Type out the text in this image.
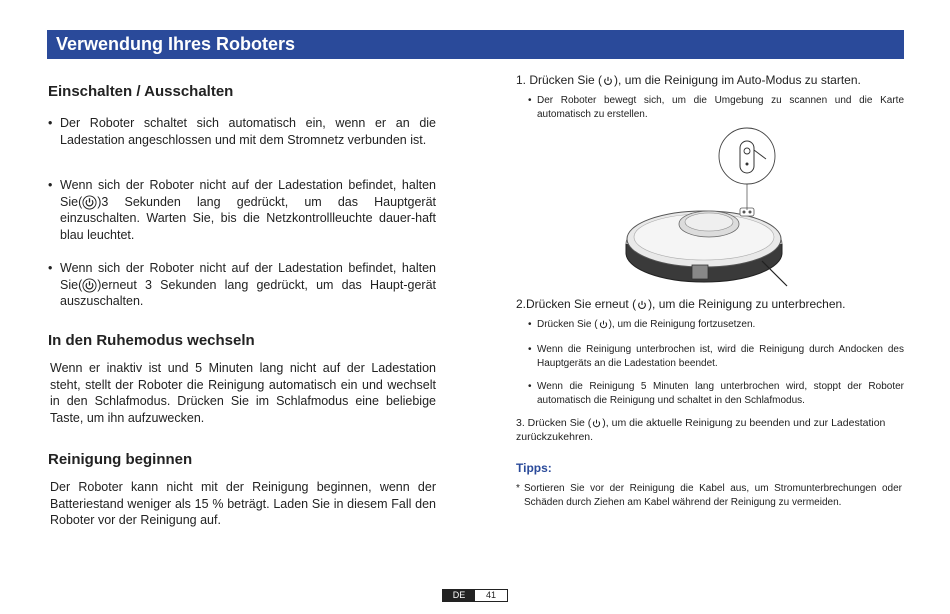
Verwendung Ihres Roboters
Einschalten / Ausschalten
• Der Roboter schaltet sich automatisch ein, wenn er an die Ladestation angeschlossen und mit dem Stromnetz verbunden ist.
• Wenn sich der Roboter nicht auf der Ladestation befindet, halten Sie( )3 Sekunden lang gedrückt, um das Hauptgerät einzuschalten. Warten Sie, bis die Netzkontrollleuchte dauer-haft blau leuchtet.
• Wenn sich der Roboter nicht auf der Ladestation befindet, halten Sie( )erneut 3 Sekunden lang gedrückt, um das Haupt-gerät auszuschalten.
In den Ruhemodus wechseln
Wenn er inaktiv ist und 5 Minuten lang nicht auf der Ladestation steht, stellt der Roboter die Reinigung automatisch ein und wechselt in den Schlafmodus. Drücken Sie im Schlafmodus eine beliebige Taste, um ihn aufzuwecken.
Reinigung beginnen
Der Roboter kann nicht mit der Reinigung beginnen, wenn der Batteriestand weniger als 15 % beträgt. Laden Sie in diesem Fall den Roboter vor der Reinigung auf.
1. Drücken Sie ( ), um die Reinigung im Auto-Modus zu starten.
• Der Roboter bewegt sich, um die Umgebung zu scannen und die Karte automatisch zu erstellen.
2.Drücken Sie erneut ( ), um die Reinigung zu unterbrechen.
• Drücken Sie ( ), um die Reinigung fortzusetzen.
• Wenn die Reinigung unterbrochen ist, wird die Reinigung durch Andocken des Hauptgeräts an die Ladestation beendet.
• Wenn die Reinigung 5 Minuten lang unterbrochen wird, stoppt der Roboter automatisch die Reinigung und schaltet in den Schlafmodus.
3. Drücken Sie ( ), um die aktuelle Reinigung zu beenden und zur Ladestation zurückzukehren.
Tipps:
* Sortieren Sie vor der Reinigung die Kabel aus, um Stromunterbrechungen oder Schäden durch Ziehen am Kabel während der Reinigung zu vermeiden.
DE	41
